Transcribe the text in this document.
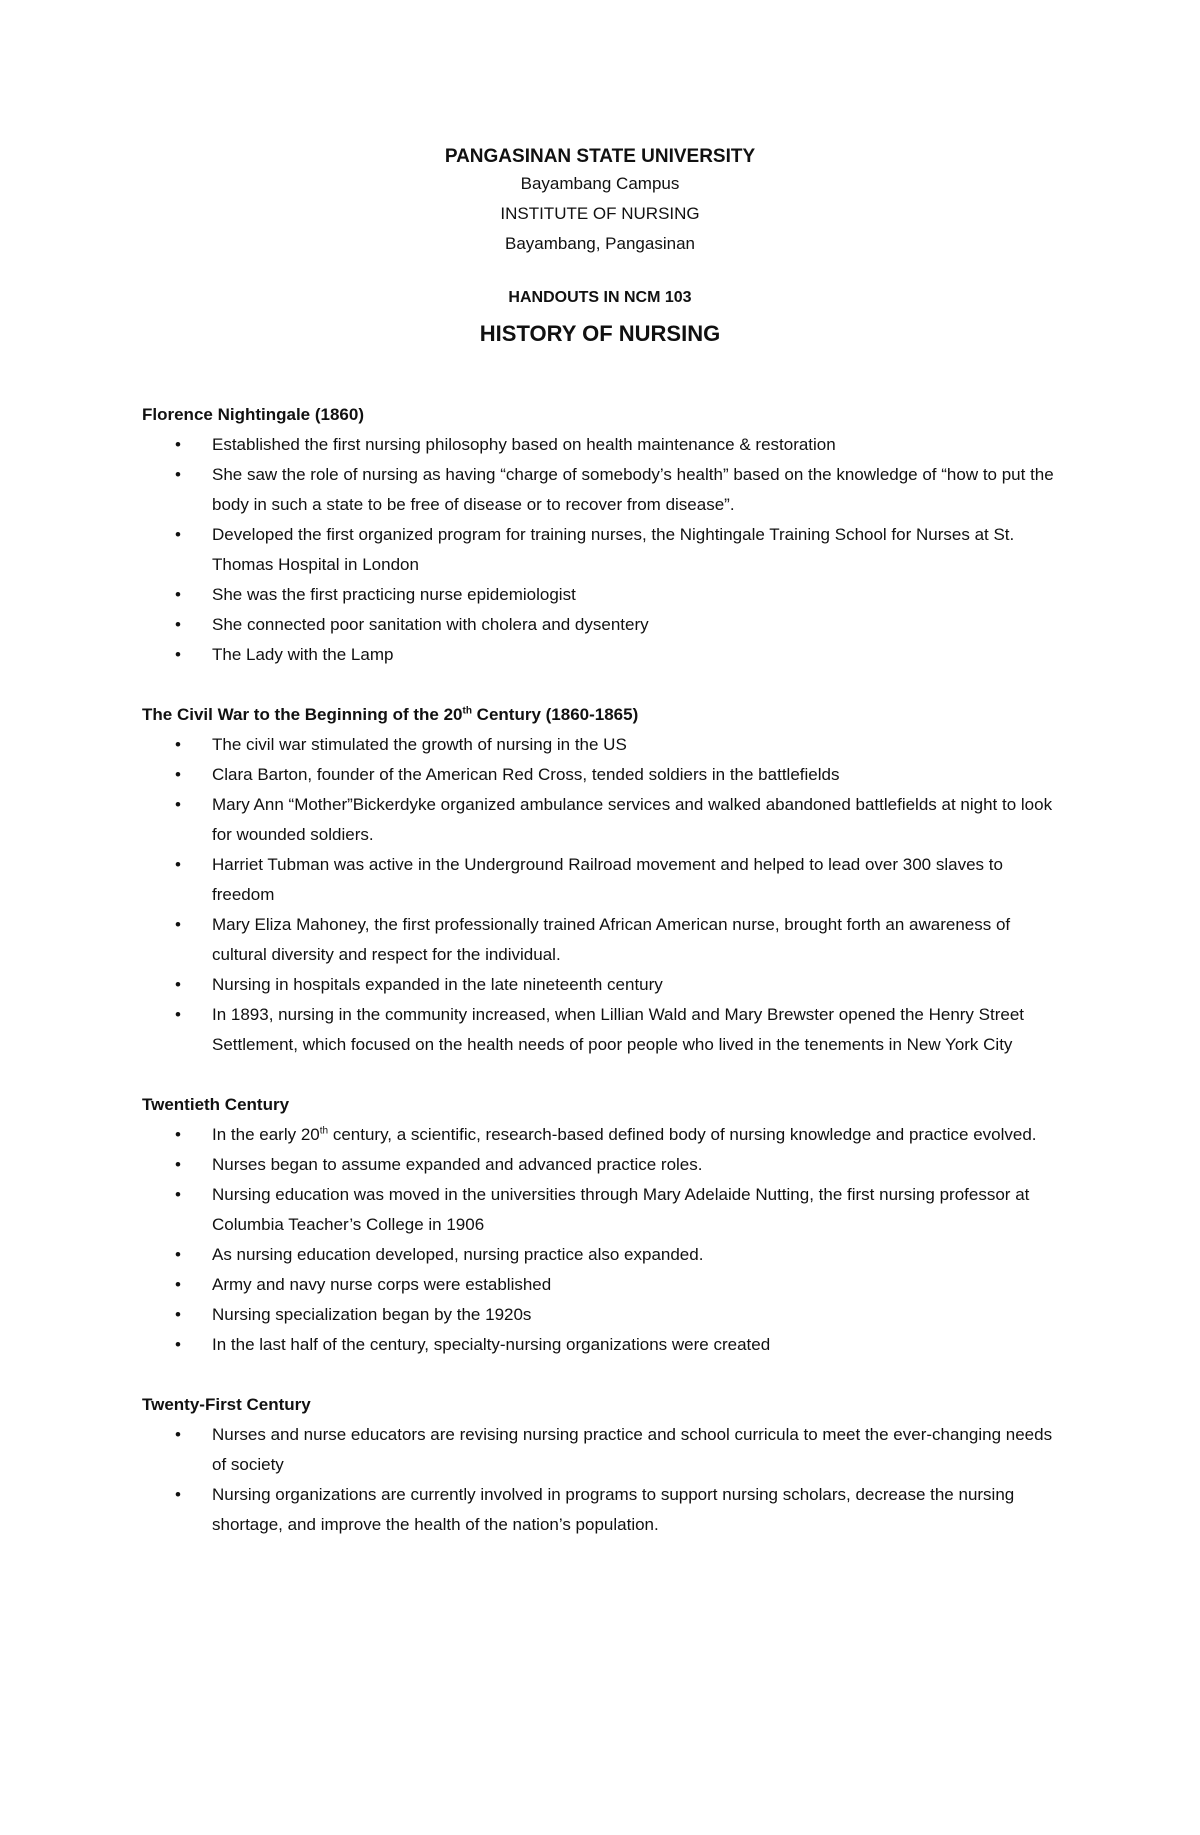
PANGASINAN STATE UNIVERSITY
Bayambang Campus
INSTITUTE OF NURSING
Bayambang, Pangasinan
HANDOUTS IN NCM 103
HISTORY OF NURSING
Florence Nightingale (1860)
• Established the first nursing philosophy based on health maintenance & restoration
• She saw the role of nursing as having “charge of somebody’s health” based on the knowledge of “how to put the body in such a state to be free of disease or to recover from disease”.
• Developed the first organized program for training nurses, the Nightingale Training School for Nurses at St. Thomas Hospital in London
• She was the first practicing nurse epidemiologist
• She connected poor sanitation with cholera and dysentery
• The Lady with the Lamp
The Civil War to the Beginning of the 20th Century (1860-1865)
• The civil war stimulated the growth of nursing in the US
• Clara Barton, founder of the American Red Cross, tended soldiers in the battlefields
• Mary Ann “Mother”Bickerdyke organized ambulance services and walked abandoned battlefields at night to look for wounded soldiers.
• Harriet Tubman was active in the Underground Railroad movement and helped to lead over 300 slaves to freedom
• Mary Eliza Mahoney, the first professionally trained African American nurse, brought forth an awareness of cultural diversity and respect for the individual.
• Nursing in hospitals expanded in the late nineteenth century
• In 1893, nursing in the community increased, when Lillian Wald and Mary Brewster opened the Henry Street Settlement, which focused on the health needs of poor people who lived in the tenements in New York City
Twentieth Century
• In the early 20th century, a scientific, research-based defined body of nursing knowledge and practice evolved.
• Nurses began to assume expanded and advanced practice roles.
• Nursing education was moved in the universities through Mary Adelaide Nutting, the first nursing professor at Columbia Teacher’s College in 1906
• As nursing education developed, nursing practice also expanded.
• Army and navy nurse corps were established
• Nursing specialization began by the 1920s
• In the last half of the century, specialty-nursing organizations were created
Twenty-First Century
• Nurses and nurse educators are revising nursing practice and school curricula to meet the ever-changing needs of society
• Nursing organizations are currently involved in programs to support nursing scholars, decrease the nursing shortage, and improve the health of the nation’s population.
